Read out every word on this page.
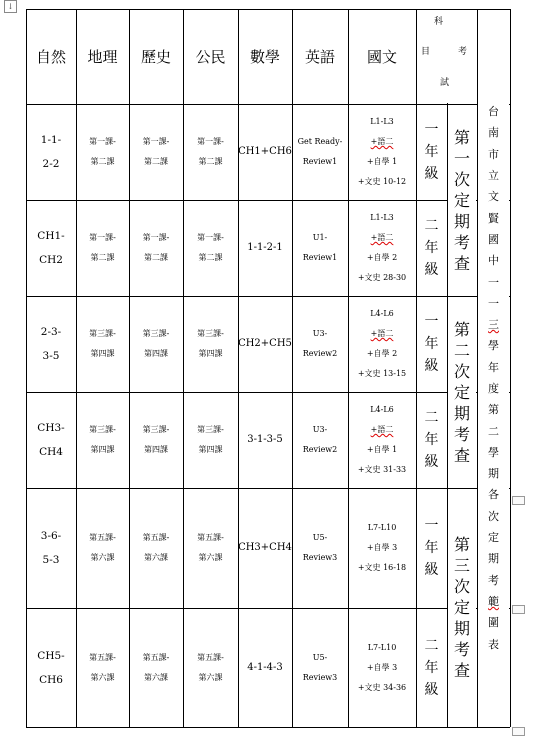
↓
自然 地理 歷史 公民 數學 英語 國文
科
目	考
試
1-1-
2-2
第一課-
第二課
第一課-
第二課
第一課-
第二課
CH1+CH6
Get Ready-
Review1
L1-L3
+語二
+自學 1
+文史 10-12
一
年
級
CH1-
CH2
第一課-
第二課
第一課-
第二課
第一課-
第二課
1-1-2-1
U1-
Review1
L1-L3
+語二
+自學 2
+文史 28-30
二
年
級
2-3-
3-5
第三課-
第四課
第三課-
第四課
第三課-
第四課
CH2+CH5
U3-
Review2
L4-L6
+語二
+自學 2
+文史 13-15
一
年
級
CH3-
CH4
第三課-
第四課
第三課-
第四課
第三課-
第四課
3-1-3-5
U3-
Review2
L4-L6
+語二
+自學 1
+文史 31-33
二
年
級
3-6-
5-3
第五課-
第六課
第五課-
第六課
第五課-
第六課
CH3+CH4
U5-
Review3
L7-L10
+自學 3
+文史 16-18
一
年
級
CH5-
CH6
第五課-
第六課
第五課-
第六課
第五課-
第六課
4-1-4-3
U5-
Review3
L7-L10
+自學 3
+文史 34-36
二
年
級
第
一
次
定
期
考
查
第
二
次
定
期
考
查
第
三
次
定
期
考
查
台
南
市
立
文
賢
國
中
一
一
三
學
年
度
第
二
學
期
各
次
定
期
考
範
圍
表
